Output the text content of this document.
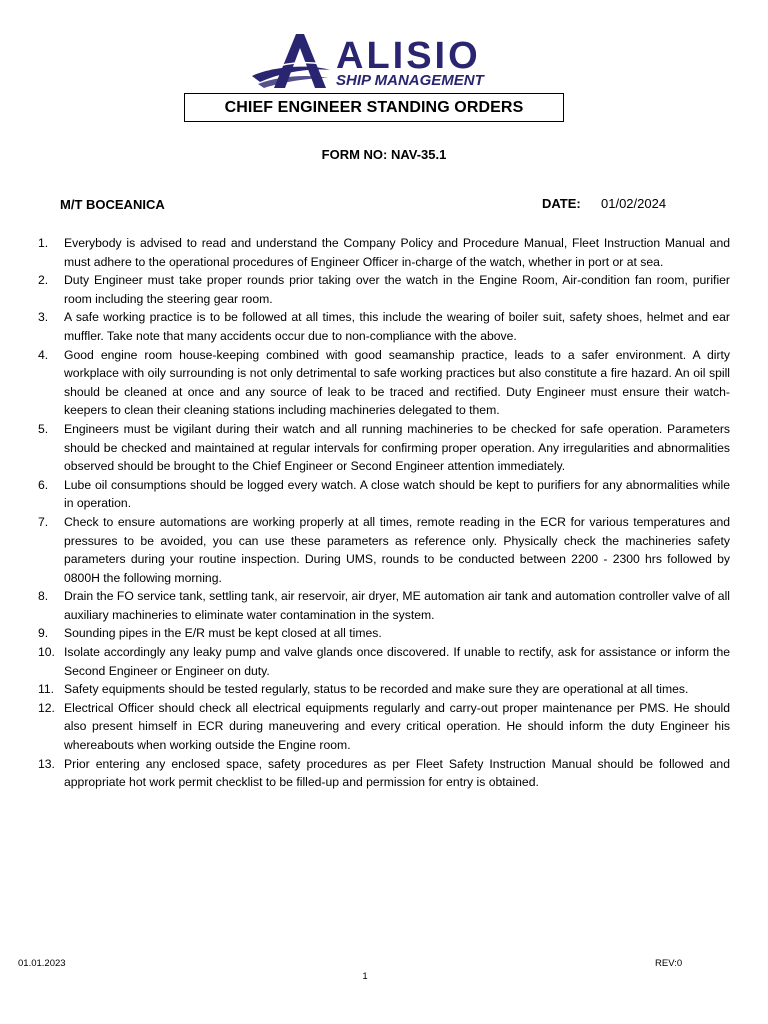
ALISIO
SHIP MANAGEMENT
CHIEF ENGINEER STANDING ORDERS
FORM NO: NAV-35.1
M/T BOCEANICA	DATE: 01/02/2024
1.	Everybody is advised to read and understand the Company Policy and Procedure Manual, Fleet Instruction Manual and must adhere to the operational procedures of Engineer Officer in-charge of the watch, whether in port or at sea.
2.	Duty Engineer must take proper rounds prior taking over the watch in the Engine Room, Air-condition fan room, purifier room including the steering gear room.
3.	A safe working practice is to be followed at all times, this include the wearing of boiler suit, safety shoes, helmet and ear muffler. Take note that many accidents occur due to non-compliance with the above.
4.	Good engine room house-keeping combined with good seamanship practice, leads to a safer environment. A dirty workplace with oily surrounding is not only detrimental to safe working practices but also constitute a fire hazard. An oil spill should be cleaned at once and any source of leak to be traced and rectified. Duty Engineer must ensure their watch-keepers to clean their cleaning stations including machineries delegated to them.
5.	Engineers must be vigilant during their watch and all running machineries to be checked for safe operation. Parameters should be checked and maintained at regular intervals for confirming proper operation. Any irregularities and abnormalities observed should be brought to the Chief Engineer or Second Engineer attention immediately.
6.	Lube oil consumptions should be logged every watch. A close watch should be kept to purifiers for any abnormalities while in operation.
7.	Check to ensure automations are working properly at all times, remote reading in the ECR for various temperatures and pressures to be avoided, you can use these parameters as reference only. Physically check the machineries safety parameters during your routine inspection. During UMS, rounds to be conducted between 2200 - 2300 hrs followed by 0800H the following morning.
8.	Drain the FO service tank, settling tank, air reservoir, air dryer, ME automation air tank and automation controller valve of all auxiliary machineries to eliminate water contamination in the system.
9.	Sounding pipes in the E/R must be kept closed at all times.
10. Isolate accordingly any leaky pump and valve glands once discovered. If unable to rectify, ask for assistance or inform the Second Engineer or Engineer on duty.
11. Safety equipments should be tested regularly, status to be recorded and make sure they are operational at all times.
12. Electrical Officer should check all electrical equipments regularly and carry-out proper maintenance per PMS. He should also present himself in ECR during maneuvering and every critical operation. He should inform the duty Engineer his whereabouts when working outside the Engine room.
13. Prior entering any enclosed space, safety procedures as per Fleet Safety Instruction Manual should be followed and appropriate hot work permit checklist to be filled-up and permission for entry is obtained.
01.01.2023	REV:0
1
